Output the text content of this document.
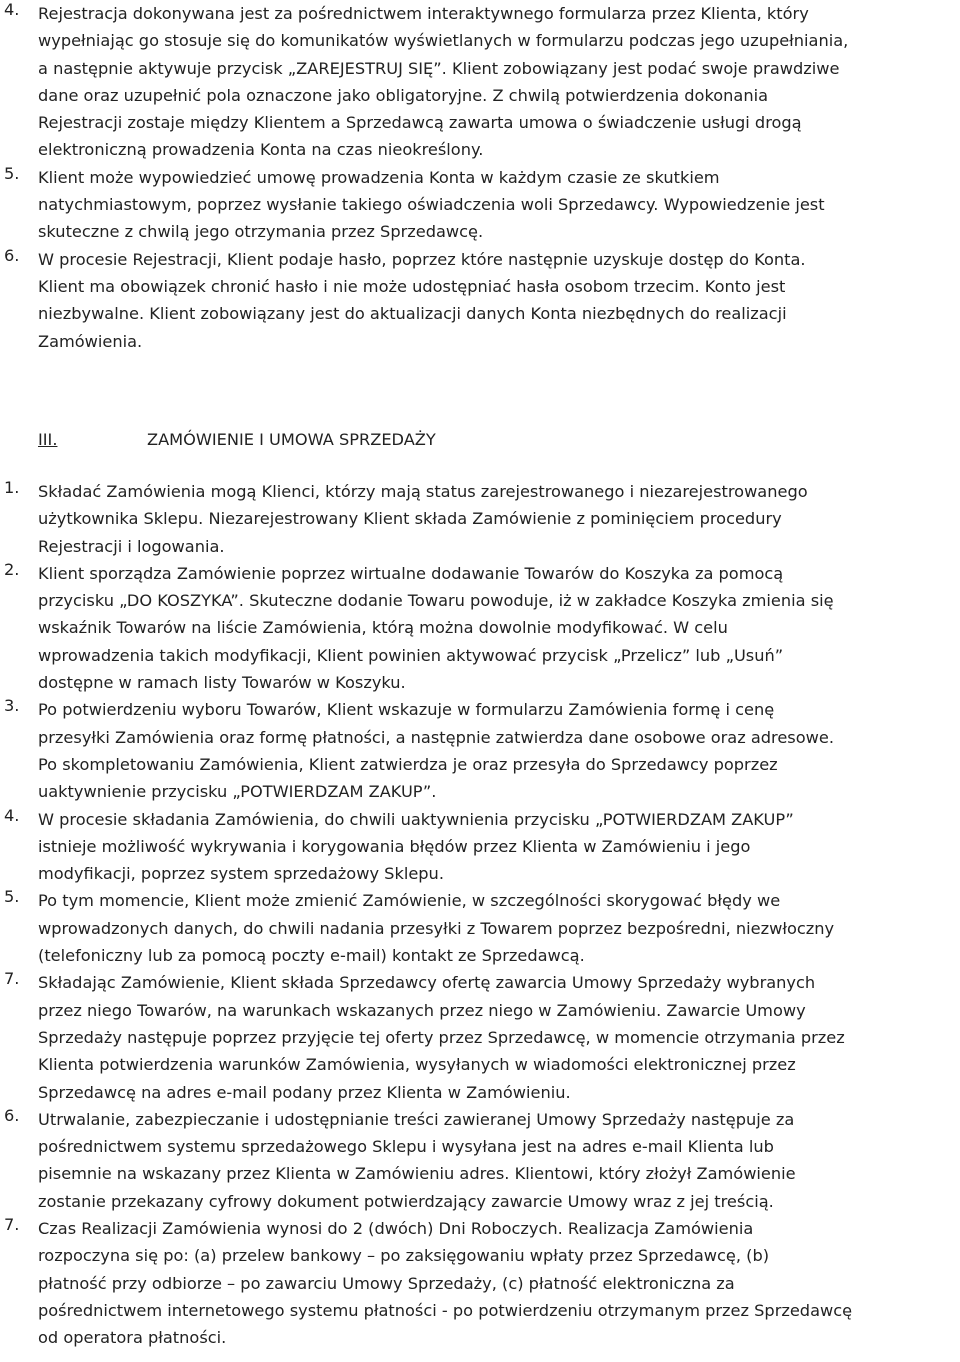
4. Rejestracja dokonywana jest za pośrednictwem interaktywnego formularza przez Klienta, który
wypełniając go stosuje się do komunikatów wyświetlanych w formularzu podczas jego uzupełniania,
a następnie aktywuje przycisk „ZAREJESTRUJ SIĘ”. Klient zobowiązany jest podać swoje prawdziwe
dane oraz uzupełnić pola oznaczone jako obligatoryjne. Z chwilą potwierdzenia dokonania
Rejestracji zostaje między Klientem a Sprzedawcą zawarta umowa o świadczenie usługi drogą
elektroniczną prowadzenia Konta na czas nieokreślony.
5. Klient może wypowiedzieć umowę prowadzenia Konta w każdym czasie ze skutkiem
natychmiastowym, poprzez wysłanie takiego oświadczenia woli Sprzedawcy. Wypowiedzenie jest
skuteczne z chwilą jego otrzymania przez Sprzedawcę.
6. W procesie Rejestracji, Klient podaje hasło, poprzez które następnie uzyskuje dostęp do Konta.
Klient ma obowiązek chronić hasło i nie może udostępniać hasła osobom trzecim. Konto jest
niezbywalne. Klient zobowiązany jest do aktualizacji danych Konta niezbędnych do realizacji
Zamówienia.
III.	ZAMÓWIENIE I UMOWA SPRZEDAŻY
1. Składać Zamówienia mogą Klienci, którzy mają status zarejestrowanego i niezarejestrowanego
użytkownika Sklepu. Niezarejestrowany Klient składa Zamówienie z pominięciem procedury
Rejestracji i logowania.
2. Klient sporządza Zamówienie poprzez wirtualne dodawanie Towarów do Koszyka za pomocą
przycisku „DO KOSZYKA”. Skuteczne dodanie Towaru powoduje, iż w zakładce Koszyka zmienia się
wskaźnik Towarów na liście Zamówienia, którą można dowolnie modyfikować. W celu
wprowadzenia takich modyfikacji, Klient powinien aktywować przycisk „Przelicz” lub „Usuń”
dostępne w ramach listy Towarów w Koszyku.
3. Po potwierdzeniu wyboru Towarów, Klient wskazuje w formularzu Zamówienia formę i cenę
przesyłki Zamówienia oraz formę płatności, a następnie zatwierdza dane osobowe oraz adresowe.
Po skompletowaniu Zamówienia, Klient zatwierdza je oraz przesyła do Sprzedawcy poprzez
uaktywnienie przycisku „POTWIERDZAM ZAKUP”.
4. W procesie składania Zamówienia, do chwili uaktywnienia przycisku „POTWIERDZAM ZAKUP”
istnieje możliwość wykrywania i korygowania błędów przez Klienta w Zamówieniu i jego
modyfikacji, poprzez system sprzedażowy Sklepu.
5. Po tym momencie, Klient może zmienić Zamówienie, w szczególności skorygować błędy we
wprowadzonych danych, do chwili nadania przesyłki z Towarem poprzez bezpośredni, niezwłoczny
(telefoniczny lub za pomocą poczty e-mail) kontakt ze Sprzedawcą.
7. Składając Zamówienie, Klient składa Sprzedawcy ofertę zawarcia Umowy Sprzedaży wybranych
przez niego Towarów, na warunkach wskazanych przez niego w Zamówieniu. Zawarcie Umowy
Sprzedaży następuje poprzez przyjęcie tej oferty przez Sprzedawcę, w momencie otrzymania przez
Klienta potwierdzenia warunków Zamówienia, wysyłanych w wiadomości elektronicznej przez
Sprzedawcę na adres e-mail podany przez Klienta w Zamówieniu.
6. Utrwalanie, zabezpieczanie i udostępnianie treści zawieranej Umowy Sprzedaży następuje za
pośrednictwem systemu sprzedażowego Sklepu i wysyłana jest na adres e-mail Klienta lub
pisemnie na wskazany przez Klienta w Zamówieniu adres. Klientowi, który złożył Zamówienie
zostanie przekazany cyfrowy dokument potwierdzający zawarcie Umowy wraz z jej treścią.
7. Czas Realizacji Zamówienia wynosi do 2 (dwóch) Dni Roboczych. Realizacja Zamówienia
rozpoczyna się po: (a) przelew bankowy – po zaksięgowaniu wpłaty przez Sprzedawcę, (b)
płatność przy odbiorze – po zawarciu Umowy Sprzedaży, (c) płatność elektroniczna za
pośrednictwem internetowego systemu płatności - po potwierdzeniu otrzymanym przez Sprzedawcę
od operatora płatności.
